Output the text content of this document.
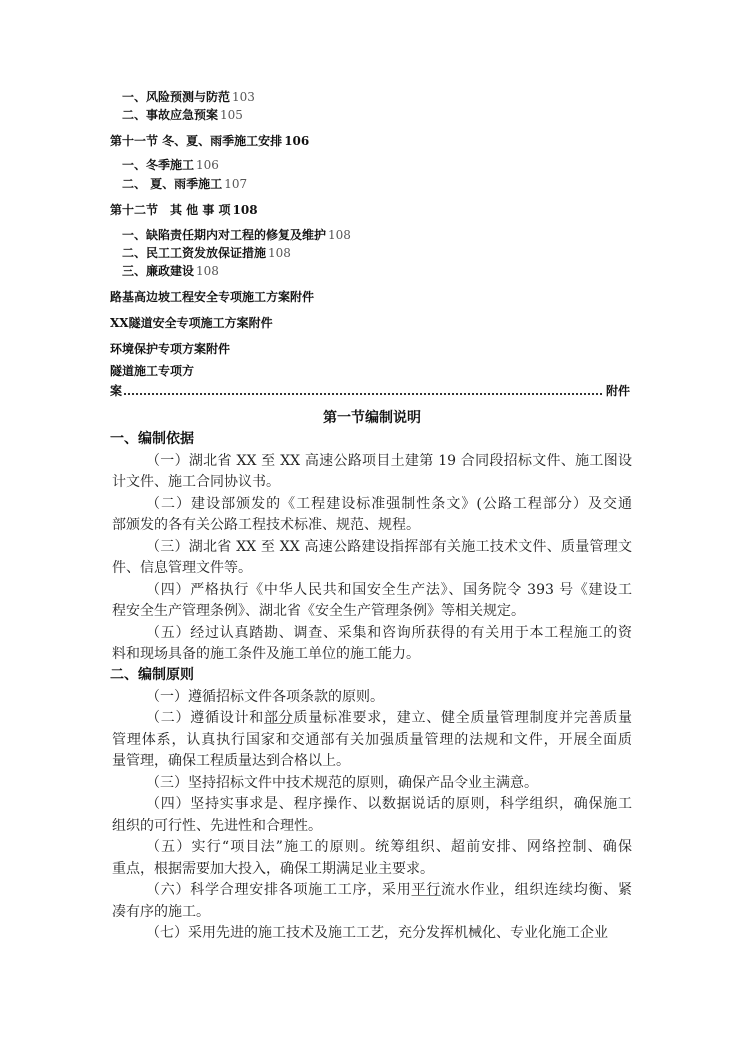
一、风险预测与防范 103
二、事故应急预案 105
第十一节 冬、夏、雨季施工安排 106
一、冬季施工 106
二、 夏、雨季施工 107
第十二节　其 他 事 项 108
一、缺陷责任期内对工程的修复及维护 108
二、民工工资发放保证措施 108
三、廉政建设 108
路基高边坡工程安全专项施工方案附件
XX隧道安全专项施工方案附件
环境保护专项方案附件
隧道施工专项方
案	附件
第一节编制说明
一、编制依据
（一）湖北省 XX 至 XX 高速公路项目土建第 19 合同段招标文件、施工图设
计文件、施工合同协议书。
（二）建设部颁发的《工程建设标准强制性条文》(公路工程部分）及交通
部颁发的各有关公路工程技术标准、规范、规程。
（三）湖北省 XX 至 XX 高速公路建设指挥部有关施工技术文件、质量管理文
件、信息管理文件等。
（四）严格执行《中华人民共和国安全生产法》、国务院令 393 号《建设工
程安全生产管理条例》、湖北省《安全生产管理条例》等相关规定。
（五）经过认真踏勘、调查、采集和咨询所获得的有关用于本工程施工的资
料和现场具备的施工条件及施工单位的施工能力。
二、编制原则
（一）遵循招标文件各项条款的原则。
（二）遵循设计和部分质量标准要求，建立、健全质量管理制度并完善质量
管理体系，认真执行国家和交通部有关加强质量管理的法规和文件，开展全面质
量管理，确保工程质量达到合格以上。
（三）坚持招标文件中技术规范的原则，确保产品令业主满意。
（四）坚持实事求是、程序操作、以数据说话的原则，科学组织，确保施工
组织的可行性、先进性和合理性。
（五）实行“项目法”施工的原则。统筹组织、超前安排、网络控制、确保
重点，根据需要加大投入，确保工期满足业主要求。
（六）科学合理安排各项施工工序，采用平行流水作业，组织连续均衡、紧
凑有序的施工。
（七）采用先进的施工技术及施工工艺，充分发挥机械化、专业化施工企业
